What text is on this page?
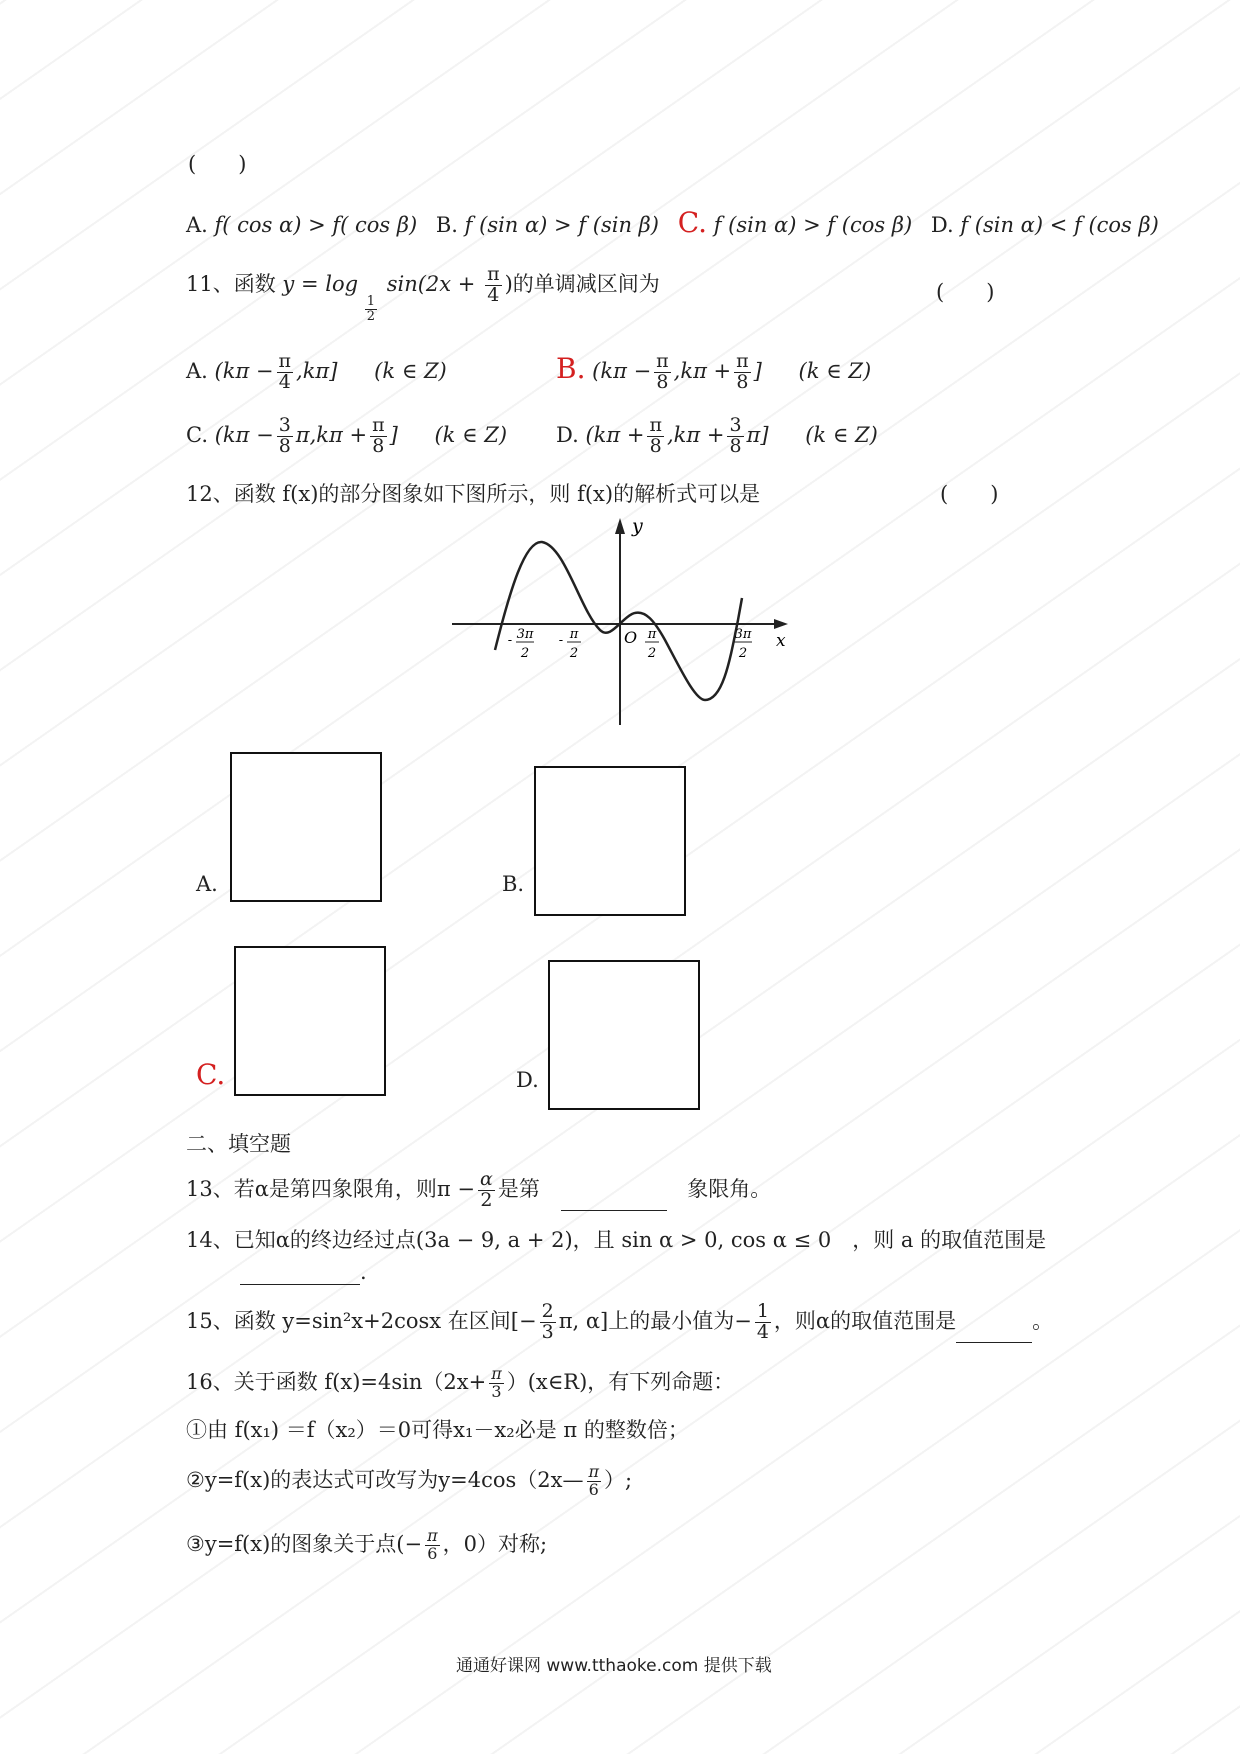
(　　)
A. f( cos α) > f( cos β) B. f (sin α) > f (sin β) C. f (sin α) > f (cos β) D. f (sin α) < f (cos β)
11、函数 y = log
$\frac{1}{2}$
$\sin(2x + \frac{\pi}{4}$ )的单调减区间为	(　　)
A. $(k\pi - \frac{\pi}{4} ,k\pi]$ (k ∈ Z)	B. ($k\pi - \frac{\pi}{8} ,k\pi + \frac{\pi}{8}$ ] (k ∈ Z)
C. ($k\pi - \frac{3}{8} \pi,k\pi + \frac{\pi}{8}$ ] (k ∈ Z) D. $(k\pi + \frac{\pi}{8} ,k\pi + \frac{3}{8} \pi]$ (k ∈ Z)
12、函数 f(x)的部分图象如下图所示，则 f(x)的解析式可以是	(　　)
y
x
O
- 3π
2
- π
2
π
2
3π
2
A.	B.
C.	D.
二、填空题
13、若α是第四象限角，则$\pi - \frac{\alpha}{2}$ 是第	象限角。
14、已知α的终边经过点(3a − 9, a + 2)，且 sin α > 0, cos α ≤ 0　，则 a 的取值范围是
.
15、函数 y=sin²x+2cosx 在区间[− $\frac{2}{3} \pi$, α]上的最小值为− $\frac{1}{4}$ ，则α的取值范围是	。
16、关于函数 $f(x)=4\sin(2x+ \frac{\pi}{3}$ ）(x∈R)，有下列命题：
①由 f(x₁) ＝f（x₂）＝0可得x₁－x₂必是 π 的整数倍；
②y=f(x)的表达式可改写为y=4cos（2x— $\frac{\pi}{6}$ ）;
③y=f(x)的图象关于点(− $\frac{\pi}{6}$ ，0）对称;
通通好课网 www.tthaoke.com 提供下载
